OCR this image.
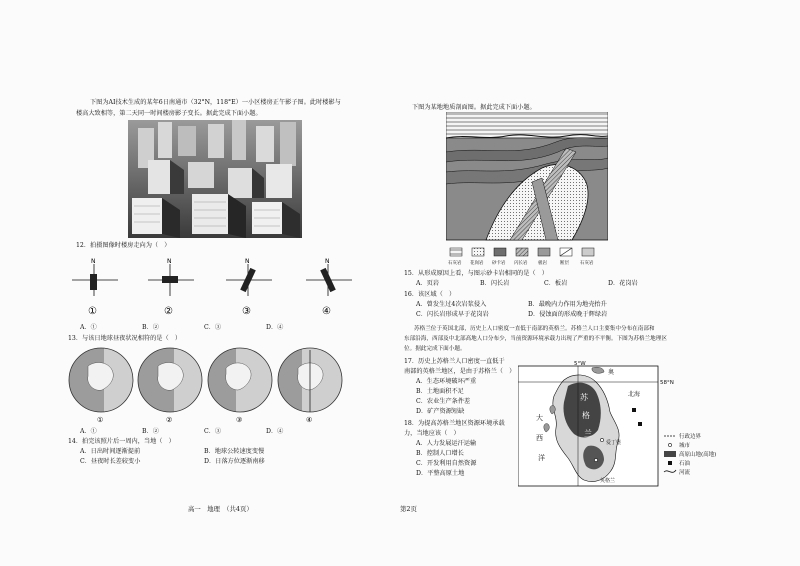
下图为AI技术生成的某年6日南通市（32°N，118°E）一小区楼房正午影子图。此时楼影与
楼高大致相等，第二天同一时间楼房影子变长。据此完成下面小题。
12．拍摄图像时楼房走向为（　）
N	N	N	N
①	②	③	④
A．①	B．②	C．③	D．④
13．与该日地球昼夜状况相符的是（　）
①	②	③	④
A．①	B．②	C．③	D．④
14．拍完该照片后一周内，当地（　）
A．日出时间逐渐提前	B．地球公转速度变慢
C．昼夜时长差较变小	D．日落方位逐渐南移
高一　地理　（共4页）
下图为某地地质剖面图。据此完成下面小题。
石灰岩 花岗岩 砂卡岩 闪长岩 板岩	断层 石灰岩
15．从形成原因上看，与图示砂卡岩相同的是（　）
A．页岩	B．闪长岩	C．板岩	D．花岗岩
16．该区域（　）
A．曾发生过4次岩浆侵入	B．最晚内力作用为地壳抬升
C．闪长岩形成早于花岗岩	D．侵蚀面的形成晚于辉绿岩
苏格兰位于英国北部，历史上人口密度一直低于南部的英格兰。苏格兰人口主要集中分布在南部和
东部沿海，西部及中北部高地人口分布少，当前资源环境承载力出现了严重的不平衡。下图为苏格兰地理区
位。据此完成下面小题。
17．历史上苏格兰人口密度一直低于
南部的英格兰地区，是由于苏格兰（　）
A．生态环境破坏严重
B．土地面积不足
C．农业生产条件差
D．矿产资源短缺
18．为提高苏格兰地区资源环境承载
力，当地应该（　）
A．人力发展运汗运输
B．控制人口增长
C．开发利用自然资源
D．平整高原土地
5°W
58°N
大
西
洋
北海
奥
苏
格
兰
爱丁堡
英格兰
行政边界
城市
高原山地(高地)
石油
河流
第2页
